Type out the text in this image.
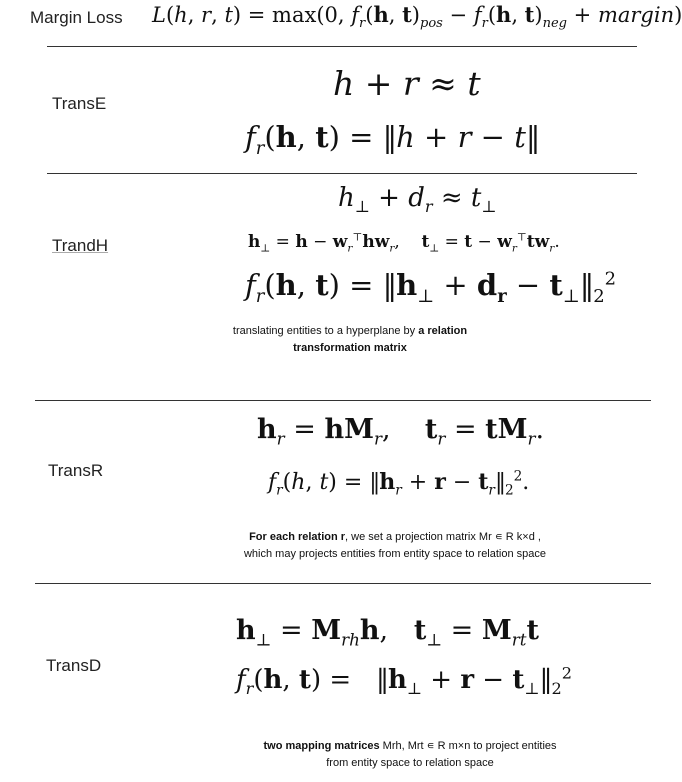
Margin Loss L(h, r, t) = max(0, $f_r(h$, $t)_{pos} - f_r(h$, $t)_{neg}$ + margin)
TransE
h + r ≈ t
$f_r(h$, t) = ‖h + r − t‖
TrandH
$h_\perp + d_r \approx t_\perp$
$h_\perp = h - w_r^⊤hw_r$,    $t_\perp = t - w_r^⊤tw_r$.
$f_r(h$, $t) = ‖h_\perp + d_r$ − $t_\perp‖_2^2$
translating entities to a hyperplane by a relation transformation matrix
TransR
$h_r = hM_r$,    $t_r = tM_r$.
$f_r(h$, $t) = ‖h_r + r$ − $t_r‖_2^2$.
For each relation r, we set a projection matrix Mr ∊ R k×d ,
which may projects entities from entity space to relation space
TransD
$h_\perp = M_{rh}h$,   $t_\perp = M_{rt}t$
$f_r(h$, $t) = ‖h_\perp + r$ − $t_\perp‖_2^2$
two mapping matrices Mrh, Mrt ∊ R m×n to project entities
from entity space to relation space
